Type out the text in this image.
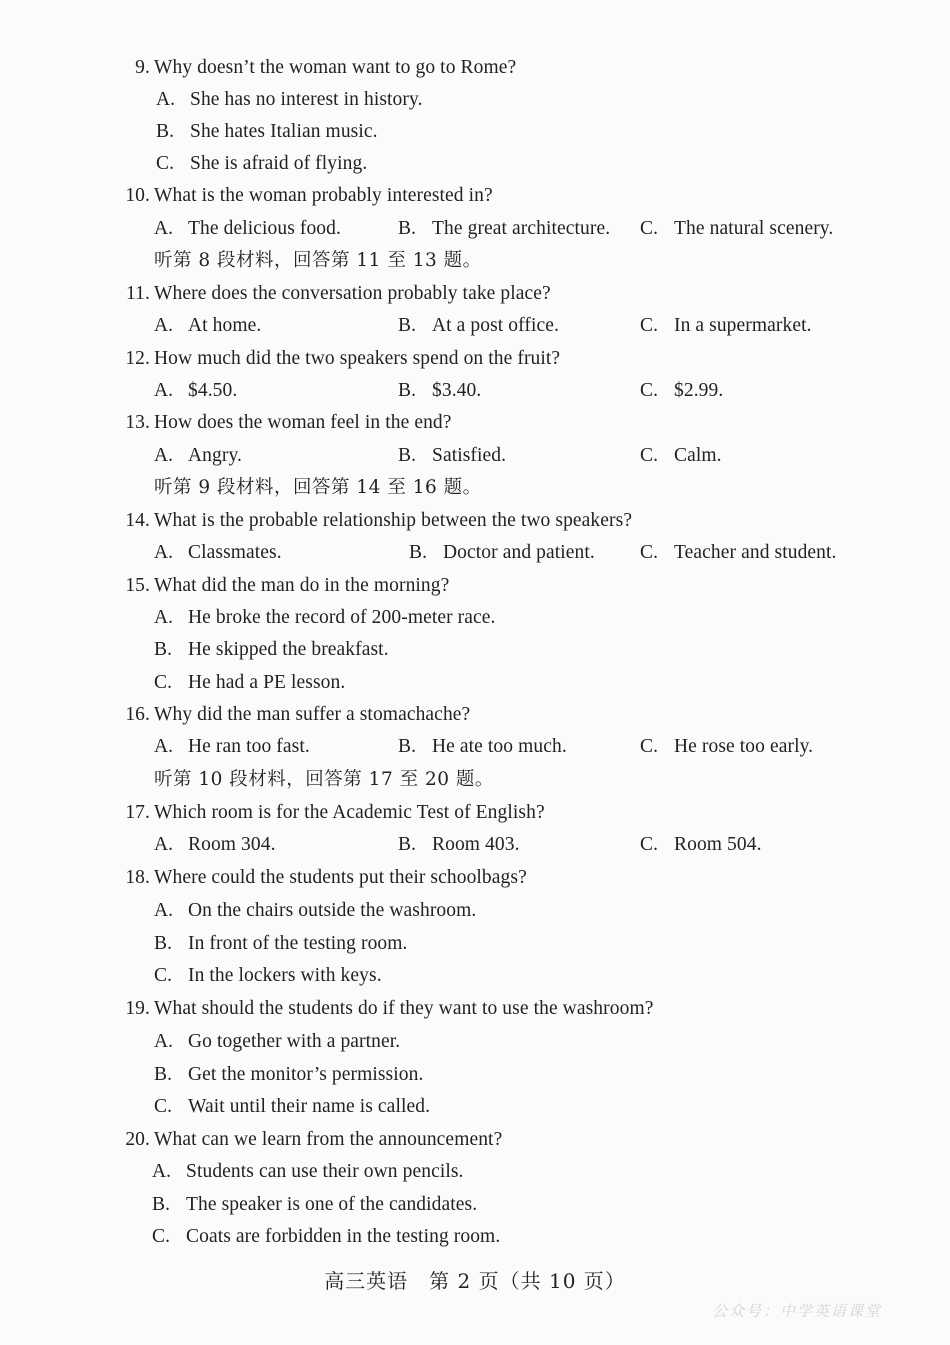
9. Why doesn’t the woman want to go to Rome?
A. She has no interest in history.
B. She hates Italian music.
C. She is afraid of flying.
10. What is the woman probably interested in?
A. The delicious food.	B. The great architecture. C. The natural scenery.
听第 8 段材料，回答第 11 至 13 题。
11. Where does the conversation probably take place?
A. At home.	B. At a post office.	C. In a supermarket.
12. How much did the two speakers spend on the fruit?
A. $4.50.	B. $3.40.	C. $2.99.
13. How does the woman feel in the end?
A. Angry.	B. Satisfied.	C. Calm.
听第 9 段材料，回答第 14 至 16 题。
14. What is the probable relationship between the two speakers?
A. Classmates.	B. Doctor and patient. C. Teacher and student.
15. What did the man do in the morning?
A. He broke the record of 200-meter race.
B. He skipped the breakfast.
C. He had a PE lesson.
16. Why did the man suffer a stomachache?
A. He ran too fast.	B. He ate too much.	C. He rose too early.
听第 10 段材料，回答第 17 至 20 题。
17. Which room is for the Academic Test of English?
A. Room 304.	B. Room 403.	C. Room 504.
18. Where could the students put their schoolbags?
A. On the chairs outside the washroom.
B. In front of the testing room.
C. In the lockers with keys.
19. What should the students do if they want to use the washroom?
A. Go together with a partner.
B. Get the monitor’s permission.
C. Wait until their name is called.
20. What can we learn from the announcement?
A. Students can use their own pencils.
B. The speaker is one of the candidates.
C. Coats are forbidden in the testing room.
高三英语　第 2 页（共 10 页）
公众号：中学英语课堂
